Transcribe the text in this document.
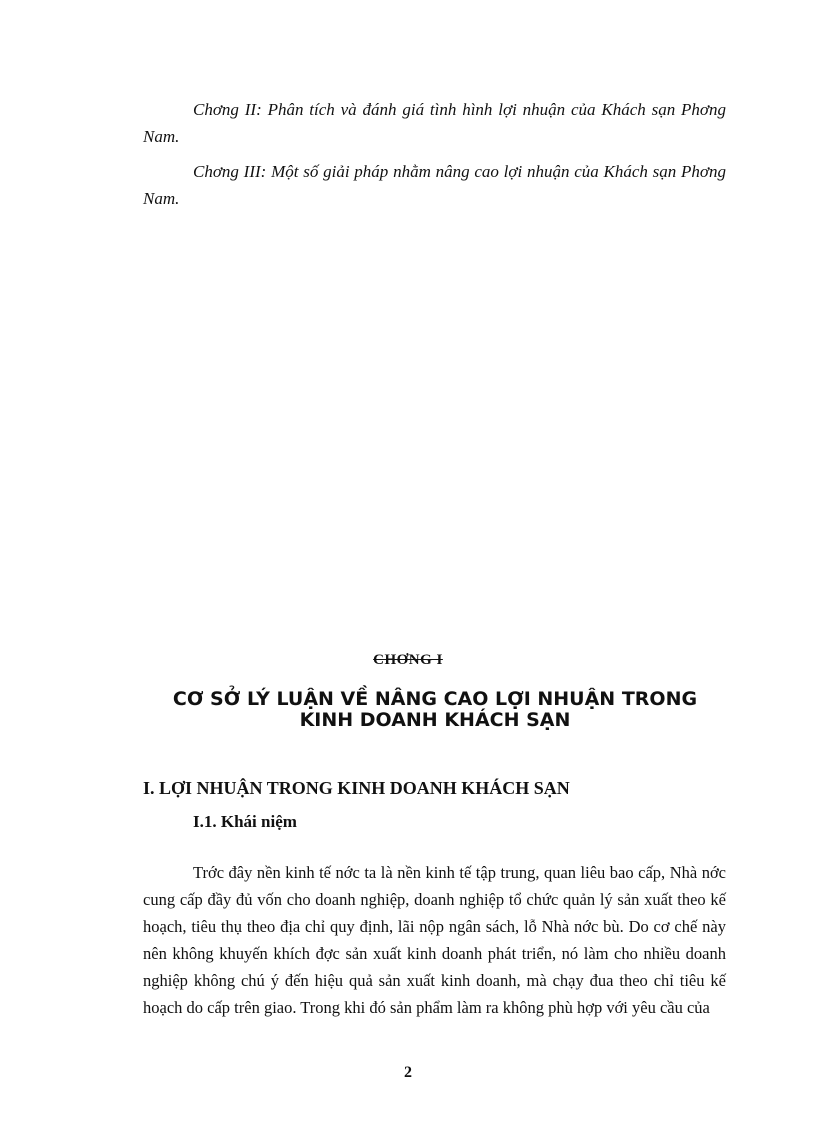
Chơng II: Phân tích và đánh giá tình hình lợi nhuận của Khách sạn Phơng Nam.

Chơng III: Một số giải pháp nhằm nâng cao lợi nhuận của Khách sạn Phơng Nam.

CHƠNG I

CƠ SỞ LÝ LUẬN VỀ NÂNG CAO LỢI NHUẬN TRONG KINH DOANH KHÁCH SẠN
I. LỢI NHUẬN TRONG KINH DOANH KHÁCH SẠN
I.1. Khái niệm

Trớc đây nền kinh tế nớc ta là nền kinh tế tập trung, quan liêu bao cấp, Nhà nớc cung cấp đầy đủ vốn cho doanh nghiệp, doanh nghiệp tổ chức quản lý sản xuất theo kế hoạch, tiêu thụ theo địa chỉ quy định, lãi nộp ngân sách, lỗ Nhà nớc bù. Do cơ chế này nên không khuyến khích đợc sản xuất kinh doanh phát triển, nó làm cho nhiều doanh nghiệp không chú ý đến hiệu quả sản xuất kinh doanh, mà chạy đua theo chỉ tiêu kế hoạch do cấp trên giao. Trong khi đó sản phẩm làm ra không phù hợp với yêu cầu của

2
